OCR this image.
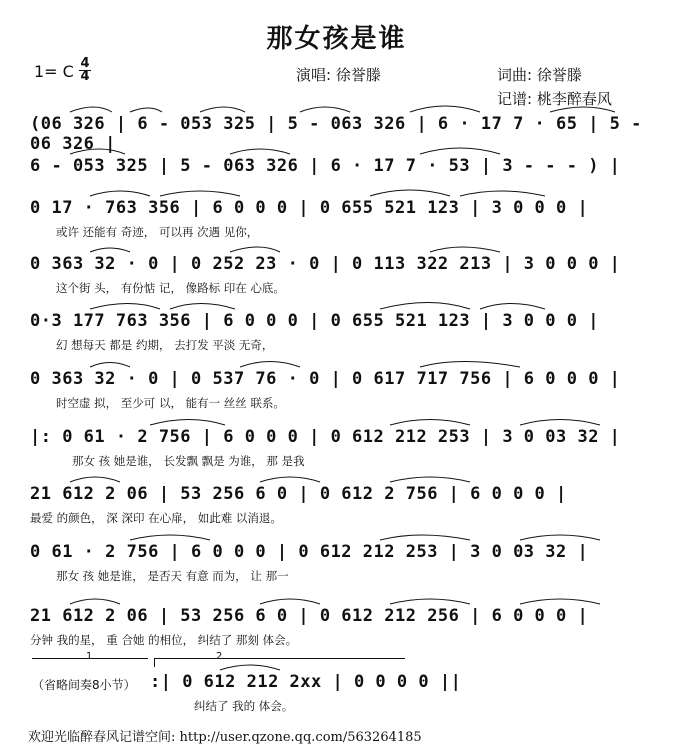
那女孩是谁
1= C 4
4	演唱: 徐誉滕	词曲: 徐誉滕
记谱: 桃李醉春风
(06 326 | 6 - 053 325 | 5 - 063 326 | 6 · 17 7 · 65 | 5 - 06 326 |
6 - 053 325 | 5 - 063 326 | 6 · 17 7 · 53 | 3 - - - ) |
0 17 · 763 356 | 6 0 0 0 | 0 655 521 123 | 3 0 0 0 |
或许 还能有 奇迹， 可以再 次遇 见你，
0 363 32 · 0 | 0 252 23 · 0 | 0 113 322 213 | 3 0 0 0 |
这个街 头， 有份惦 记， 像路标 印在 心底。
0·3 177 763 356 | 6 0 0 0 | 0 655 521 123 | 3 0 0 0 |
幻 想每天 都是 约期， 去打发 平淡 无奇，
0 363 32 · 0 | 0 537 76 · 0 | 0 617 717 756 | 6 0 0 0 |
时空虚 拟， 至少可 以， 能有一 丝丝 联系。
|: 0 61 · 2 756 | 6 0 0 0 | 0 612 212 253 | 3 0 03 32 |
那女 孩 她是谁， 长发飘 飘是 为谁， 那 是我
21 612 2 06 | 53 256 6 0 | 0 612 2 756 | 6 0 0 0 |
最爱 的颜色， 深 深印 在心扉， 如此难 以消退。
0 61 · 2 756 | 6 0 0 0 | 0 612 212 253 | 3 0 03 32 |
那女 孩 她是谁， 是否天 有意 而为， 让 那一
21 612 2 06 | 53 256 6 0 | 0 612 212 256 | 6 0 0 0 |
分钟 我的星， 重 合她 的相位， 纠结了 那刻 体会。
1	2
（省略间奏8小节） :| 0 612 212 2xx | 0 0 0 0 ||
纠结了 我的 体会。
欢迎光临醉春风记谱空间: http://user.qzone.qq.com/563264185
